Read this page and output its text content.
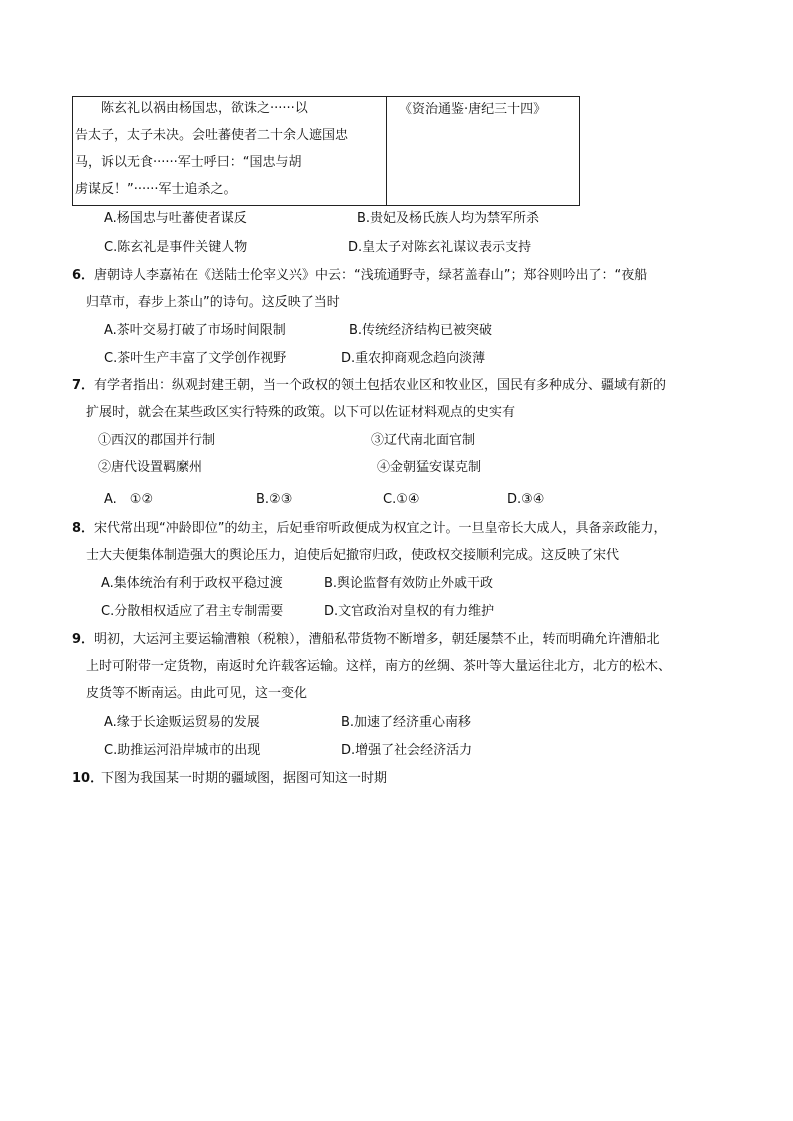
　　陈玄礼以祸由杨国忠，欲诛之······以
告太子，太子未决。会吐蕃使者二十余人遮国忠
马，诉以无食······军士呼曰：“国忠与胡
虏谋反！”······军士追杀之。
《资治通鉴·唐纪三十四》
A.杨国忠与吐蕃使者谋反	B.贵妃及杨氏族人均为禁军所杀
C.陈玄礼是事件关键人物	D.皇太子对陈玄礼谋议表示支持
6． 唐朝诗人李嘉祐在《送陆士伦宰义兴》中云：“浅琉通野寺，绿茗盖春山”；郑谷则吟出了：“夜船
归草市，春步上茶山”的诗句。这反映了当时
A.茶叶交易打破了市场时间限制	B.传统经济结构已被突破
C.茶叶生产丰富了文学创作视野	D.重农抑商观念趋向淡薄
7． 有学者指出：纵观封建王朝，当一个政权的领土包括农业区和牧业区，国民有多种成分、疆域有新的
扩展时，就会在某些政区实行特殊的政策。以下可以佐证材料观点的史实有
①西汉的郡国并行制	③辽代南北面官制
②唐代设置羁縻州	④金朝猛安谋克制
A.　①②	B.②③	C.①④	D.③④
8． 宋代常出现“冲龄即位”的幼主，后妃垂帘听政便成为权宜之计。一旦皇帝长大成人，具备亲政能力，
士大夫便集体制造强大的舆论压力，迫使后妃撤帘归政，使政权交接顺利完成。这反映了宋代
A.集体统治有利于政权平稳过渡	B.舆论监督有效防止外戚干政
C.分散相权适应了君主专制需要	D.文官政治对皇权的有力维护
9． 明初，大运河主要运输漕粮（税粮），漕船私带货物不断增多，朝廷屡禁不止，转而明确允许漕船北
上时可附带一定货物，南返时允许载客运输。这样，南方的丝绸、茶叶等大量运往北方，北方的松木、
皮货等不断南运。由此可见，这一变化
A.缘于长途贩运贸易的发展	B.加速了经济重心南移
C.助推运河沿岸城市的出现	D.增强了社会经济活力
10．
下图为我国某一时期的疆域图，据图可知这一时期
